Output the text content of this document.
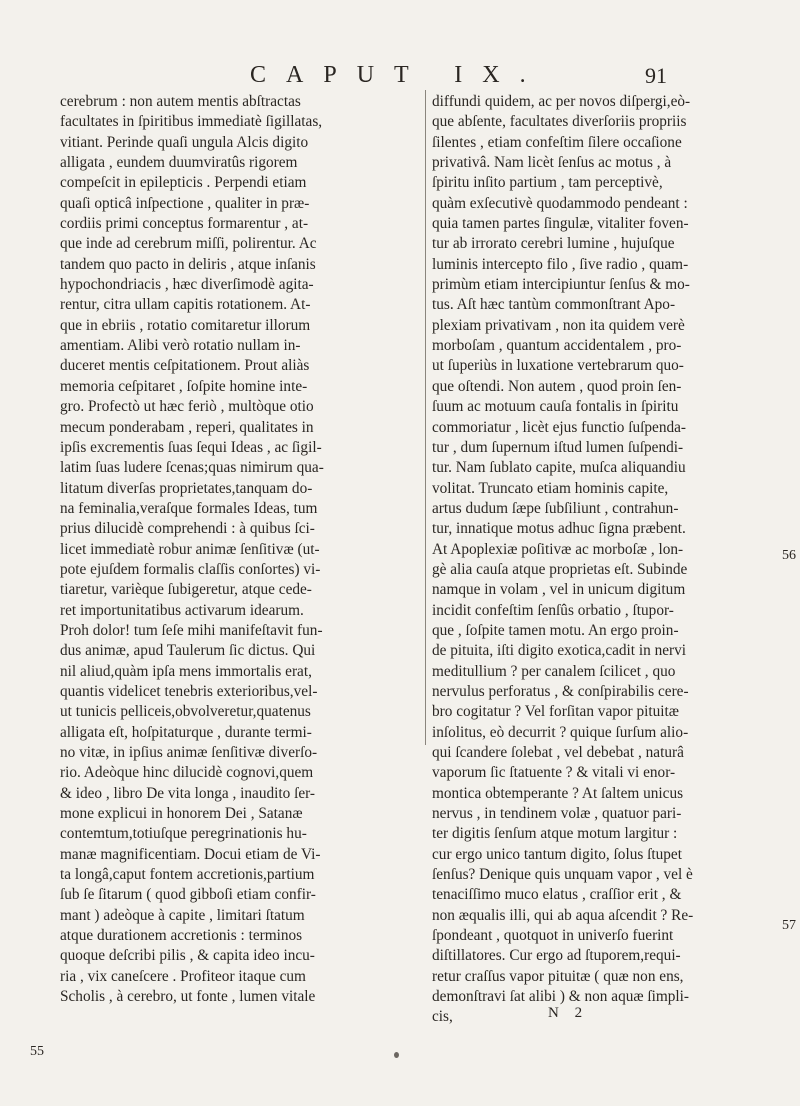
CAPUT IX.	91
cerebrum : non autem mentis abſtractas
facultates in ſpiritibus immediatè ſigillatas,
vitiant. Perinde quaſi ungula Alcis digito
alligata , eundem duumviratûs rigorem
compeſcit in epilepticis . Perpendi etiam
quaſi opticâ inſpectione , qualiter in præ-
cordiis primi conceptus formarentur , at-
que inde ad cerebrum miſſi, polirentur. Ac
tandem quo pacto in deliris , atque inſanis
hypochondriacis , hæc diverſimodè agita-
rentur, citra ullam capitis rotationem. At-
que in ebriis , rotatio comitaretur illorum
amentiam. Alibi verò rotatio nullam in-
duceret mentis ceſpitationem. Prout aliàs
memoria ceſpitaret , ſoſpite homine inte-
gro. Profectò ut hæc feriò , multòque otio
mecum ponderabam , reperi, qualitates in
ipſis excrementis ſuas ſequi Ideas , ac ſigil-
latim ſuas ludere ſcenas;quas nimirum qua-
litatum diverſas proprietates,tanquam do-
na feminalia,veraſque formales Ideas, tum
prius dilucidè comprehendi : à quibus ſci-
licet immediatè robur animæ ſenſitivæ (ut-
pote ejuſdem formalis claſſis conſortes) vi-
tiaretur, varièque ſubigeretur, atque cede-
ret importunitatibus activarum idearum.
Proh dolor! tum ſeſe mihi manifeſtavit fun-
dus animæ, apud Taulerum ſic dictus. Qui
nil aliud,quàm ipſa mens immortalis erat,
quantis videlicet tenebris exterioribus,vel-
ut tunicis pelliceis,obvolveretur,quatenus
alligata eſt, hoſpitaturque , durante termi-
no vitæ, in ipſius animæ ſenſitivæ diverſo-
rio. Adeòque hinc dilucidè cognovi,quem
& ideo , libro De vita longa , inaudito ſer-
mone explicui in honorem Dei , Satanæ
contemtum,totiuſque peregrinationis hu-
manæ magnificentiam. Docui etiam de Vi-
ta longâ,caput fontem accretionis,partium
ſub ſe ſitarum ( quod gibboſi etiam confir-
mant ) adeòque à capite , limitari ſtatum
atque durationem accretionis : terminos
quoque deſcribi pilis , & capita ideo incu-
ria , vix caneſcere . Profiteor itaque cum
Scholis , à cerebro, ut fonte , lumen vitale
diffundi quidem, ac per novos diſpergi,eò-
que abſente, facultates diverſoriis propriis
ſilentes , etiam confeſtim ſilere occaſione
privativâ. Nam licèt ſenſus ac motus , à
ſpiritu inſito partium , tam perceptivè,
quàm exſecutivè quodammodo pendeant :
quia tamen partes ſingulæ, vitaliter foven-
tur ab irrorato cerebri lumine , hujuſque
luminis intercepto filo , ſive radio , quam-
primùm etiam intercipiuntur ſenſus & mo-
tus. Aſt hæc tantùm commonſtrant Apo-
plexiam privativam , non ita quidem verè
morboſam , quantum accidentalem , pro-
ut ſuperiùs in luxatione vertebrarum quo-
que oſtendi. Non autem , quod proin ſen-
ſuum ac motuum cauſa fontalis in ſpiritu
commoriatur , licèt ejus functio ſuſpenda-
tur , dum ſupernum iſtud lumen ſuſpendi-
tur. Nam ſublato capite, muſca aliquandiu
volitat. Truncato etiam hominis capite,
artus dudum ſæpe ſubſiliunt , contrahun-
tur, innatique motus adhuc ſigna præbent.
At Apoplexiæ poſitivæ ac morboſæ , lon-
gè alia cauſa atque proprietas eſt. Subinde
namque in volam , vel in unicum digitum
incidit confeſtim ſenſûs orbatio , ſtupor-
que , ſoſpite tamen motu. An ergo proin-
de pituita, iſti digito exotica,cadit in nervi
meditullium ? per canalem ſcilicet , quo
nervulus perforatus , & conſpirabilis cere-
bro cogitatur ? Vel forſitan vapor pituitæ
inſolitus, eò decurrit ? quique ſurſum alio-
qui ſcandere ſolebat , vel debebat , naturâ
vaporum ſic ſtatuente ? & vitali vi enor-
montica obtemperante ? At ſaltem unicus
nervus , in tendinem volæ , quatuor pari-
ter digitis ſenſum atque motum largitur :
cur ergo unico tantum digito, ſolus ſtupet
ſenſus? Denique quis unquam vapor , vel è
tenaciſſimo muco elatus , craſſior erit , &
non æqualis illi, qui ab aqua aſcendit ? Re-
ſpondeant , quotquot in univerſo fuerint
diſtillatores. Cur ergo ad ſtuporem,requi-
retur craſſus vapor pituitæ ( quæ non ens,
demonſtravi ſat alibi ) & non aquæ ſimpli-
cis,
55
56
57
N 2
